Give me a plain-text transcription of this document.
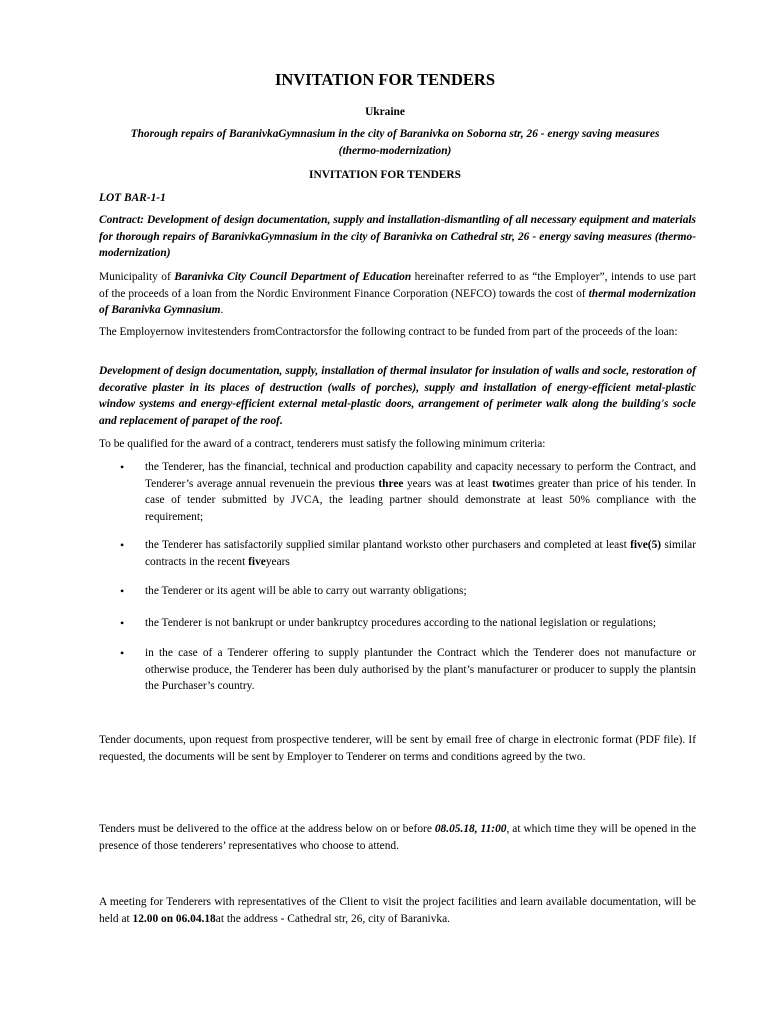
INVITATION FOR TENDERS
Ukraine
Thorough repairs of BaranivkaGymnasium in the city of Baranivka on Soborna str, 26 - energy saving measures (thermo-modernization)
INVITATION FOR TENDERS

LOT BAR-1-1

Contract: Development of design documentation, supply and installation-dismantling of all necessary equipment and materials for thorough repairs of BaranivkaGymnasium in the city of Baranivka on Cathedral str, 26 - energy saving measures (thermo-modernization)

Municipality of Baranivka City Council Department of Education hereinafter referred to as “the Employer”, intends to use part of the proceeds of a loan from the Nordic Environment Finance Corporation (NEFCO) towards the cost of thermal modernization of Baranivka Gymnasium.

The Employernow invitestenders fromContractorsfor the following contract to be funded from part of the proceeds of the loan:

Development of design documentation, supply, installation of thermal insulator for insulation of walls and socle, restoration of decorative plaster in its places of destruction (walls of porches), supply and installation of energy-efficient metal-plastic window systems and energy-efficient external metal-plastic doors, arrangement of perimeter walk along the building's socle and replacement of parapet of the roof.

To be qualified for the award of a contract, tenderers must satisfy the following minimum criteria:

• the Tenderer, has the financial, technical and production capability and capacity necessary to perform the Contract, and Tenderer’s average annual revenuein the previous three years was at least twotimes greater than price of his tender. In case of tender submitted by JVCA, the leading partner should demonstrate at least 50% compliance with the requirement;
• the Tenderer has satisfactorily supplied similar plantand worksto other purchasers and completed at least five(5) similar contracts in the recent fiveyears
• the Tenderer or its agent will be able to carry out warranty obligations;
• the Tenderer is not bankrupt or under bankruptcy procedures according to the national legislation or regulations;
• in the case of a Tenderer offering to supply plantunder the Contract which the Tenderer does not manufacture or otherwise produce, the Tenderer has been duly authorised by the plant’s manufacturer or producer to supply the plantsin the Purchaser’s country.

Tender documents, upon request from prospective tenderer, will be sent by email free of charge in electronic format (PDF file). If requested, the documents will be sent by Employer to Tenderer on terms and conditions agreed by the two.

Tenders must be delivered to the office at the address below on or before 08.05.18, 11:00, at which time they will be opened in the presence of those tenderers’ representatives who choose to attend.

A meeting for Tenderers with representatives of the Client to visit the project facilities and learn available documentation, will be held at 12.00 on 06.04.18at the address - Cathedral str, 26, city of Baranivka.
